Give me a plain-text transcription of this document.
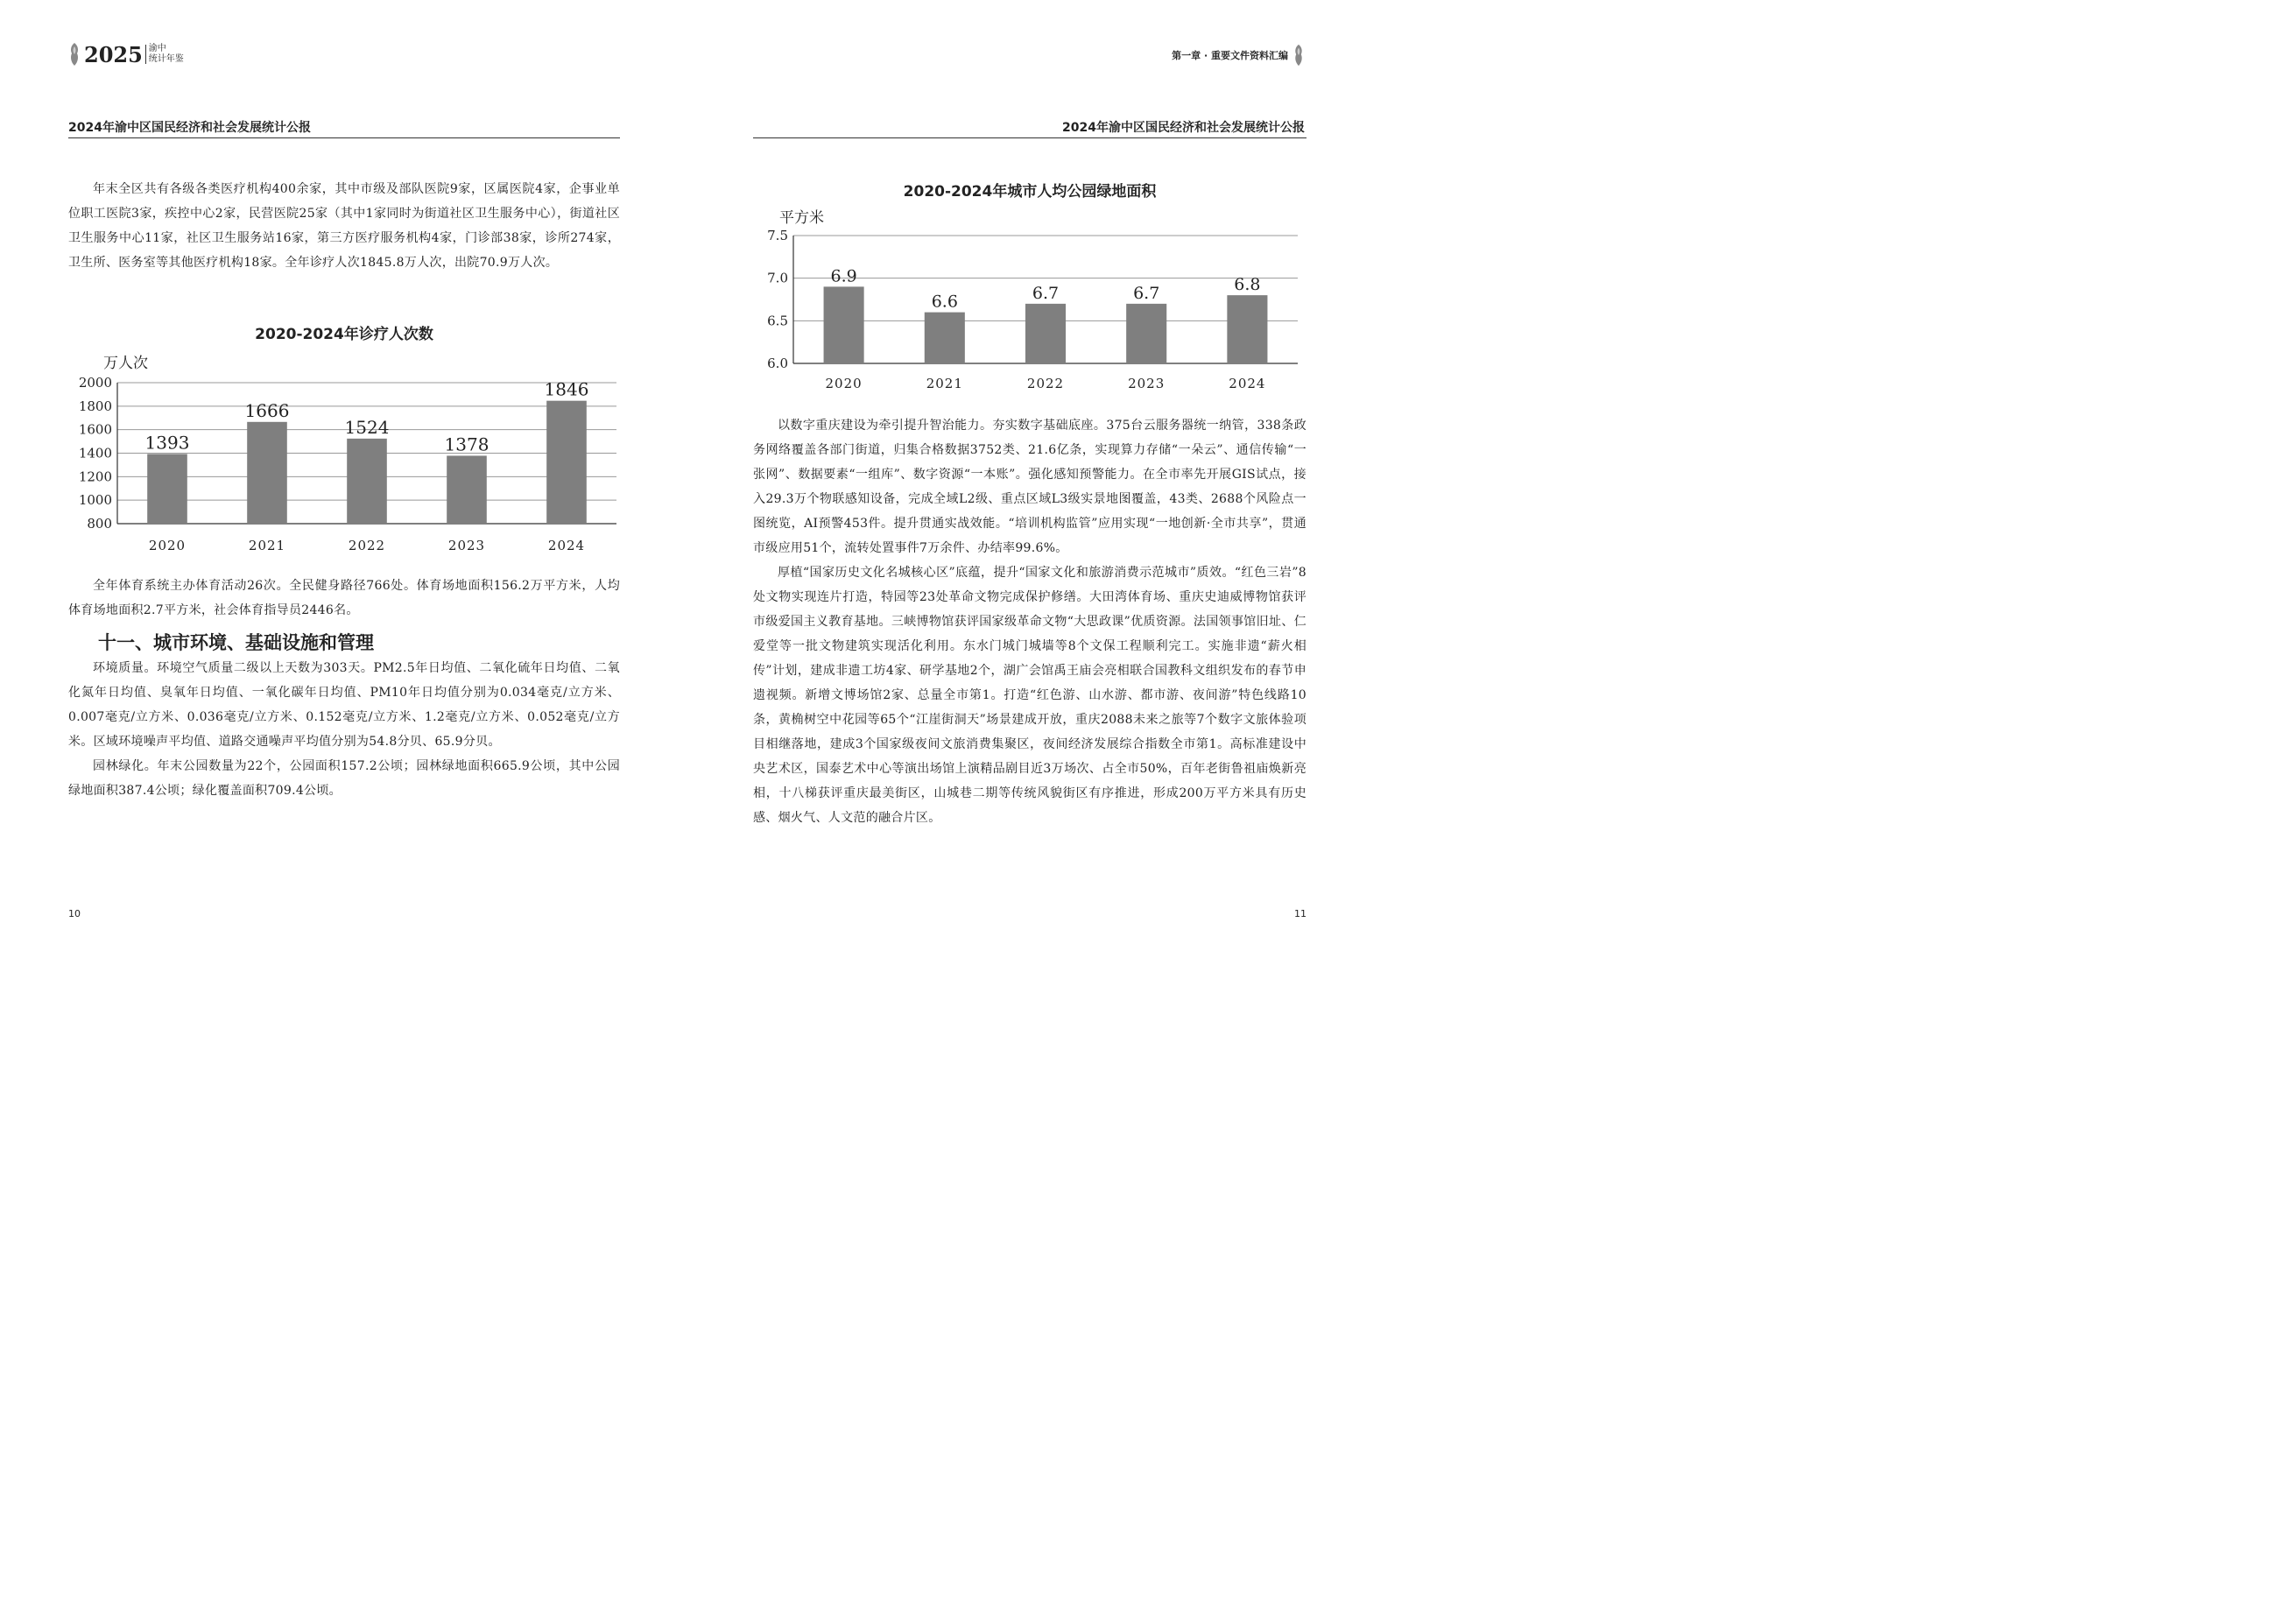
2025 渝中
统计年鉴
2024年渝中区国民经济和社会发展统计公报

年末全区共有各级各类医疗机构400余家，其中市级及部队医院9家，区属医院4家，企事业单位职工医院3家，疾控中心2家，民营医院25家（其中1家同时为街道社区卫生服务中心），街道社区卫生服务中心11家，社区卫生服务站16家，第三方医疗服务机构4家，门诊部38家，诊所274家，卫生所、医务室等其他医疗机构18家。全年诊疗人次1845.8万人次，出院70.9万人次。

2020-2024年诊疗人次数
万人次
2000
1800
1600
1400
1200
1000
800
1393
2020
1666
2021
1524
2022
1378
2023
1846
2024

全年体育系统主办体育活动26次。全民健身路径766处。体育场地面积156.2万平方米，人均体育场地面积2.7平方米，社会体育指导员2446名。

十一、城市环境、基础设施和管理

环境质量。环境空气质量二级以上天数为303天。PM2.5年日均值、二氧化硫年日均值、二氧化氮年日均值、臭氧年日均值、一氧化碳年日均值、PM10年日均值分别为0.034毫克/立方米、0.007毫克/立方米、0.036毫克/立方米、0.152毫克/立方米、1.2毫克/立方米、0.052毫克/立方米。区域环境噪声平均值、道路交通噪声平均值分别为54.8分贝、65.9分贝。

园林绿化。年末公园数量为22个，公园面积157.2公顷；园林绿地面积665.9公顷，其中公园绿地面积387.4公顷；绿化覆盖面积709.4公顷。

10
第一章 · 重要文件资料汇编
2024年渝中区国民经济和社会发展统计公报
2020-2024年城市人均公园绿地面积
平方米
7.5
7.0
6.5
6.0
6.9
2020
6.6
2021
6.7
2022
6.7
2023
6.8
2024

以数字重庆建设为牵引提升智治能力。夯实数字基础底座。375台云服务器统一纳管，338条政务网络覆盖各部门街道，归集合格数据3752类、21.6亿条，实现算力存储“一朵云”、通信传输“一张网”、数据要素“一组库”、数字资源“一本账”。强化感知预警能力。在全市率先开展GIS试点，接入29.3万个物联感知设备，完成全域L2级、重点区域L3级实景地图覆盖，43类、2688个风险点一图统览，AI预警453件。提升贯通实战效能。“培训机构监管”应用实现“一地创新·全市共享”，贯通市级应用51个，流转处置事件7万余件、办结率99.6%。

厚植“国家历史文化名城核心区”底蕴，提升“国家文化和旅游消费示范城市”质效。“红色三岩”8处文物实现连片打造，特园等23处革命文物完成保护修缮。大田湾体育场、重庆史迪威博物馆获评市级爱国主义教育基地。三峡博物馆获评国家级革命文物“大思政课”优质资源。法国领事馆旧址、仁爱堂等一批文物建筑实现活化利用。东水门城门城墙等8个文保工程顺利完工。实施非遗“薪火相传”计划，建成非遗工坊4家、研学基地2个，湖广会馆禹王庙会亮相联合国教科文组织发布的春节申遗视频。新增文博场馆2家、总量全市第1。打造“红色游、山水游、都市游、夜间游”特色线路10条，黄桷树空中花园等65个“江崖街洞天”场景建成开放，重庆2088未来之旅等7个数字文旅体验项目相继落地，建成3个国家级夜间文旅消费集聚区，夜间经济发展综合指数全市第1。高标准建设中央艺术区，国泰艺术中心等演出场馆上演精品剧目近3万场次、占全市50%，百年老街鲁祖庙焕新亮相，十八梯获评重庆最美街区，山城巷二期等传统风貌街区有序推进，形成200万平方米具有历史感、烟火气、人文范的融合片区。

11
